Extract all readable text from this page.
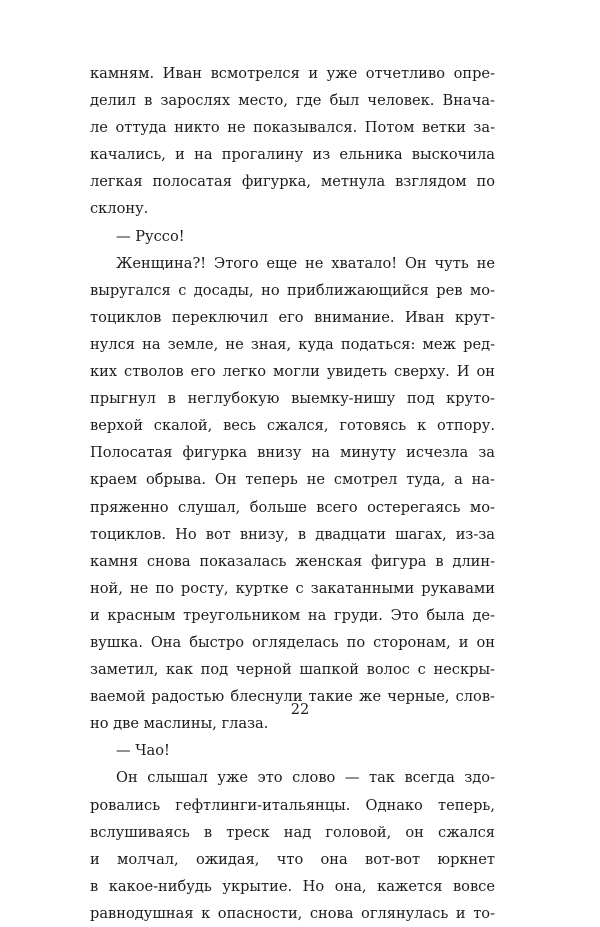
камням. Иван всмотрелся и уже отчетливо опре-
делил в зарослях место, где был человек. Внача-
ле оттуда никто не показывался. Потом ветки за-
качались, и на прогалину из ельника выскочила
легкая полосатая фигурка, метнула взглядом по
склону.
— Руссо!
Женщина?! Этого еще не хватало! Он чуть не
выругался с досады, но приближающийся рев мо-
тоциклов переключил его внимание. Иван крут-
нулся на земле, не зная, куда податься: меж ред-
ких стволов его легко могли увидеть сверху. И он
прыгнул в неглубокую выемку-нишу под круто-
верхой скалой, весь сжался, готовясь к отпору.
Полосатая фигурка внизу на минуту исчезла за
краем обрыва. Он теперь не смотрел туда, а на-
пряженно слушал, больше всего остерегаясь мо-
тоциклов. Но вот внизу, в двадцати шагах, из-за
камня снова показалась женская фигура в длин-
ной, не по росту, куртке с закатанными рукавами
и красным треугольником на груди. Это была де-
вушка. Она быстро огляделась по сторонам, и он
заметил, как под черной шапкой волос с нескры-
ваемой радостью блеснули такие же черные, слов-
но две маслины, глаза.
— Чао!
Он слышал уже это слово — так всегда здо-
ровались гефтлинги-итальянцы. Однако теперь,
вслушиваясь в треск над головой, он сжался
и молчал, ожидая, что она вот-вот юркнет
в какое-нибудь укрытие. Но она, кажется вовсе
равнодушная к опасности, снова оглянулась и то-
22
